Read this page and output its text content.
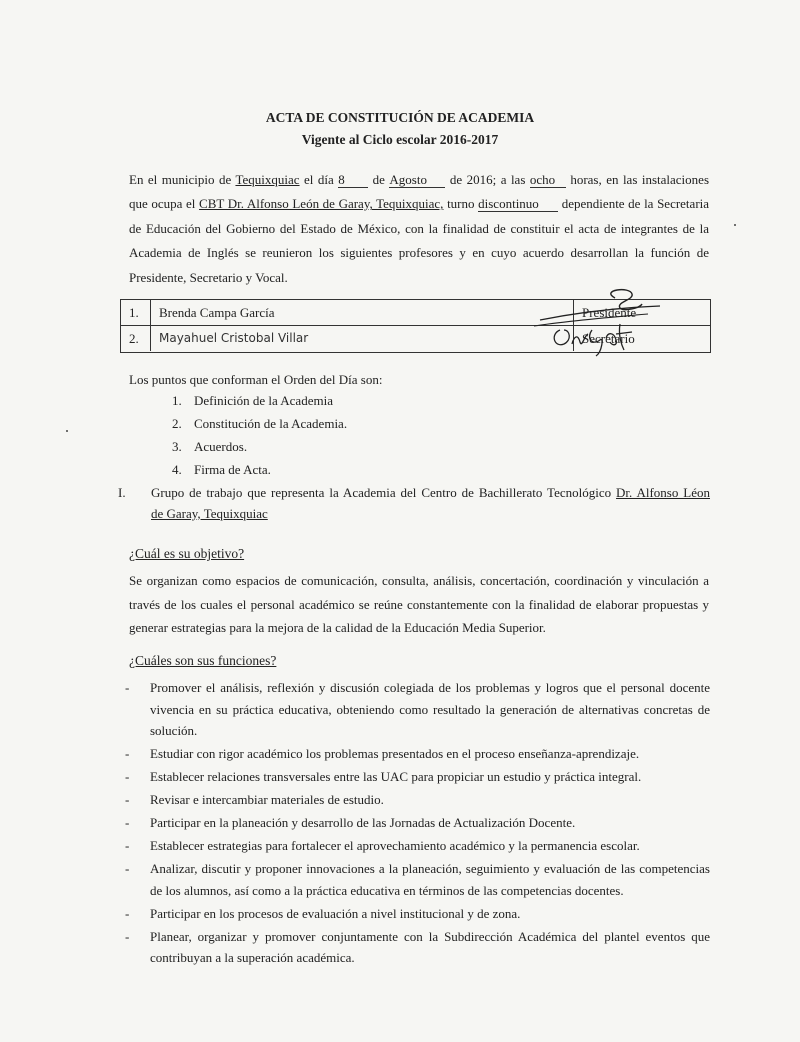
ACTA DE CONSTITUCIÓN DE ACADEMIA
Vigente al Ciclo escolar 2016-2017
En el municipio de Tequixquiac el día 8 de Agosto de 2016; a las ocho horas, en las instalaciones
que ocupa el CBT Dr. Alfonso León de Garay, Tequixquiac, turno discontinuo dependiente de la Secretaria
de Educación del Gobierno del Estado de México, con la finalidad de constituir el acta de integrantes de la
Academia de Inglés se reunieron los siguientes profesores y en cuyo acuerdo desarrollan la función de
Presidente, Secretario y Vocal.
1.	Brenda Campa García	Presidente
2.	Mayahuel Cristobal Villar	Secretario
Los puntos que conforman el Orden del Día son:
1. Definición de la Academia
2. Constitución de la Academia.
3. Acuerdos.
4. Firma de Acta.
I. Grupo de trabajo que representa la Academia del Centro de Bachillerato Tecnológico Dr. Alfonso Léon
de Garay, Tequixquiac
¿Cuál es su objetivo?
Se organizan como espacios de comunicación, consulta, análisis, concertación, coordinación y vinculación a
través de los cuales el personal académico se reúne constantemente con la finalidad de elaborar propuestas y
generar estrategias para la mejora de la calidad de la Educación Media Superior.
¿Cuáles son sus funciones?
- Promover el análisis, reflexión y discusión colegiada de los problemas y logros que el personal docente
vivencia en su práctica educativa, obteniendo como resultado la generación de alternativas concretas de
solución.
- Estudiar con rigor académico los problemas presentados en el proceso enseñanza-aprendizaje.
- Establecer relaciones transversales entre las UAC para propiciar un estudio y práctica integral.
- Revisar e intercambiar materiales de estudio.
- Participar en la planeación y desarrollo de las Jornadas de Actualización Docente.
- Establecer estrategias para fortalecer el aprovechamiento académico y la permanencia escolar.
- Analizar, discutir y proponer innovaciones a la planeación, seguimiento y evaluación de las competencias
de los alumnos, así como a la práctica educativa en términos de las competencias docentes.
- Participar en los procesos de evaluación a nivel institucional y de zona.
- Planear, organizar y promover conjuntamente con la Subdirección Académica del plantel eventos que
contribuyan a la superación académica.
